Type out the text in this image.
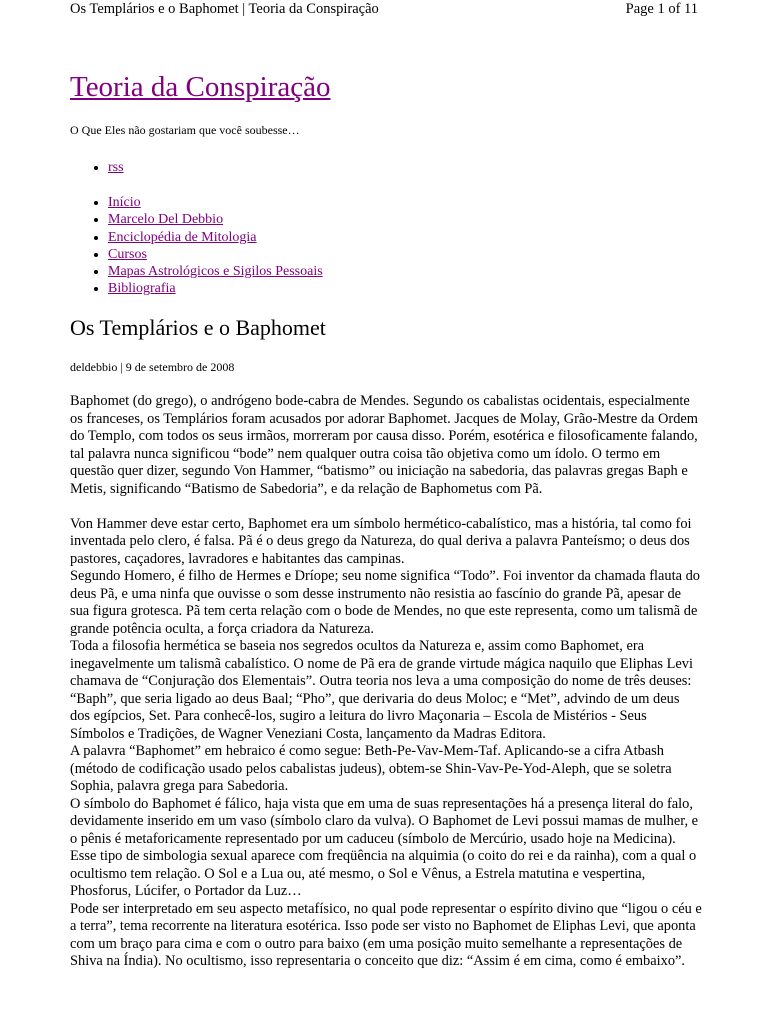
Os Templários e o Baphomet | Teoria da Conspiração	Page 1 of 11
Teoria da Conspiração
O Que Eles não gostariam que você soubesse…
• rss
• Início
• Marcelo Del Debbio
• Enciclopédia de Mitologia
• Cursos
• Mapas Astrológicos e Sigilos Pessoais
• Bibliografia
Os Templários e o Baphomet
deldebbio | 9 de setembro de 2008

Baphomet (do grego), o andrógeno bode-cabra de Mendes. Segundo os cabalistas ocidentais, especialmente os franceses, os Templários foram acusados por adorar Baphomet. Jacques de Molay, Grão-Mestre da Ordem do Templo, com todos os seus irmãos, morreram por causa disso. Porém, esotérica e filosoficamente falando, tal palavra nunca significou “bode” nem qualquer outra coisa tão objetiva como um ídolo. O termo em questão quer dizer, segundo Von Hammer, “batismo” ou iniciação na sabedoria, das palavras gregas Baph e Metis, significando “Batismo de Sabedoria”, e da relação de Baphometus com Pã.

Von Hammer deve estar certo, Baphomet era um símbolo hermético-cabalístico, mas a história, tal como foi inventada pelo clero, é falsa. Pã é o deus grego da Natureza, do qual deriva a palavra Panteísmo; o deus dos pastores, caçadores, lavradores e habitantes das campinas.

Segundo Homero, é filho de Hermes e Dríope; seu nome significa “Todo”. Foi inventor da chamada flauta do deus Pã, e uma ninfa que ouvisse o som desse instrumento não resistia ao fascínio do grande Pã, apesar de sua figura grotesca. Pã tem certa relação com o bode de Mendes, no que este representa, como um talismã de grande potência oculta, a força criadora da Natureza.

Toda a filosofia hermética se baseia nos segredos ocultos da Natureza e, assim como Baphomet, era inegavelmente um talismã cabalístico. O nome de Pã era de grande virtude mágica naquilo que Eliphas Levi chamava de “Conjuração dos Elementais”. Outra teoria nos leva a uma composição do nome de três deuses: “Baph”, que seria ligado ao deus Baal; “Pho”, que derivaria do deus Moloc; e “Met”, advindo de um deus dos egípcios, Set. Para conhecê-los, sugiro a leitura do livro Maçonaria – Escola de Mistérios - Seus Símbolos e Tradições, de Wagner Veneziani Costa, lançamento da Madras Editora.

A palavra “Baphomet” em hebraico é como segue: Beth-Pe-Vav-Mem-Taf. Aplicando-se a cifra Atbash (método de codificação usado pelos cabalistas judeus), obtem-se Shin-Vav-Pe-Yod-Aleph, que se soletra Sophia, palavra grega para Sabedoria.

O símbolo do Baphomet é fálico, haja vista que em uma de suas representações há a presença literal do falo, devidamente inserido em um vaso (símbolo claro da vulva). O Baphomet de Levi possui mamas de mulher, e o pênis é metaforicamente representado por um caduceu (símbolo de Mercúrio, usado hoje na Medicina). Esse tipo de simbologia sexual aparece com freqüência na alquimia (o coito do rei e da rainha), com a qual o ocultismo tem relação. O Sol e a Lua ou, até mesmo, o Sol e Vênus, a Estrela matutina e vespertina, Phosforus, Lúcifer, o Portador da Luz…

Pode ser interpretado em seu aspecto metafísico, no qual pode representar o espírito divino que “ligou o céu e a terra”, tema recorrente na literatura esotérica. Isso pode ser visto no Baphomet de Eliphas Levi, que aponta com um braço para cima e com o outro para baixo (em uma posição muito semelhante a representações de Shiva na Índia). No ocultismo, isso representaria o conceito que diz: “Assim é em cima, como é embaixo”.
